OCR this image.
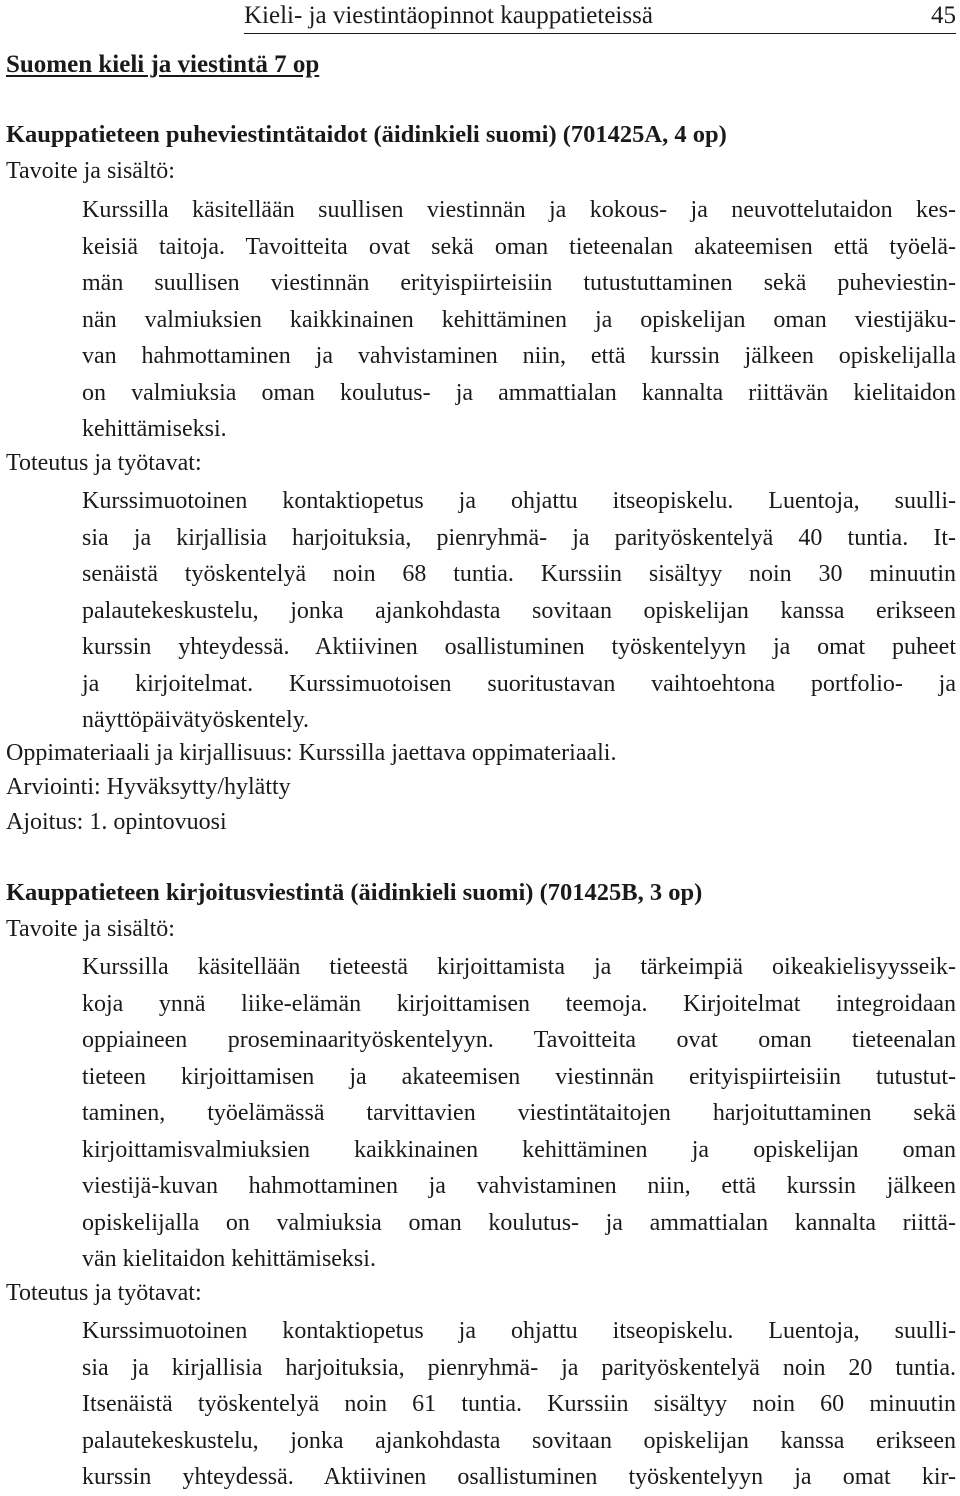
Kieli- ja viestintäopinnot kauppatieteissä	45
Suomen kieli ja viestintä 7 op
Kauppatieteen puheviestintätaidot (äidinkieli suomi) (701425A, 4 op)
Tavoite ja sisältö:
Kurssilla käsitellään suullisen viestinnän ja kokous- ja neuvottelutaidon kes-
keisiä taitoja. Tavoitteita ovat sekä oman tieteenalan akateemisen että työelä-
män suullisen viestinnän erityispiirteisiin tutustuttaminen sekä puheviestin-
nän valmiuksien kaikkinainen kehittäminen ja opiskelijan oman viestijäku-
van hahmottaminen ja vahvistaminen niin, että kurssin jälkeen opiskelijalla
on valmiuksia oman koulutus- ja ammattialan kannalta riittävän kielitaidon
kehittämiseksi.
Toteutus ja työtavat:
Kurssimuotoinen kontaktiopetus ja ohjattu itseopiskelu. Luentoja, suulli-
sia ja kirjallisia harjoituksia, pienryhmä- ja parityöskentelyä 40 tuntia. It-
senäistä työskentelyä noin 68 tuntia. Kurssiin sisältyy noin 30 minuutin
palautekeskustelu, jonka ajankohdasta sovitaan opiskelijan kanssa erikseen
kurssin yhteydessä. Aktiivinen osallistuminen työskentelyyn ja omat puheet
ja kirjoitelmat. Kurssimuotoisen suoritustavan vaihtoehtona portfolio- ja
näyttöpäivätyöskentely.
Oppimateriaali ja kirjallisuus: Kurssilla jaettava oppimateriaali.
Arviointi: Hyväksytty/hylätty
Ajoitus: 1. opintovuosi
Kauppatieteen kirjoitusviestintä (äidinkieli suomi) (701425B, 3 op)
Tavoite ja sisältö:
Kurssilla käsitellään tieteestä kirjoittamista ja tärkeimpiä oikeakielisyysseik-
koja ynnä liike-elämän kirjoittamisen teemoja. Kirjoitelmat integroidaan
oppiaineen proseminaarityöskentelyyn. Tavoitteita ovat oman tieteenalan
tieteen kirjoittamisen ja akateemisen viestinnän erityispiirteisiin tutustut-
taminen, työelämässä tarvittavien viestintätaitojen harjoituttaminen sekä
kirjoittamisvalmiuksien kaikkinainen kehittäminen ja opiskelijan oman
viestijä-kuvan hahmottaminen ja vahvistaminen niin, että kurssin jälkeen
opiskelijalla on valmiuksia oman koulutus- ja ammattialan kannalta riittä-
vän kielitaidon kehittämiseksi.
Toteutus ja työtavat:
Kurssimuotoinen kontaktiopetus ja ohjattu itseopiskelu. Luentoja, suulli-
sia ja kirjallisia harjoituksia, pienryhmä- ja parityöskentelyä noin 20 tuntia.
Itsenäistä työskentelyä noin 61 tuntia. Kurssiin sisältyy noin 60 minuutin
palautekeskustelu, jonka ajankohdasta sovitaan opiskelijan kanssa erikseen
kurssin yhteydessä. Aktiivinen osallistuminen työskentelyyn ja omat kir-
